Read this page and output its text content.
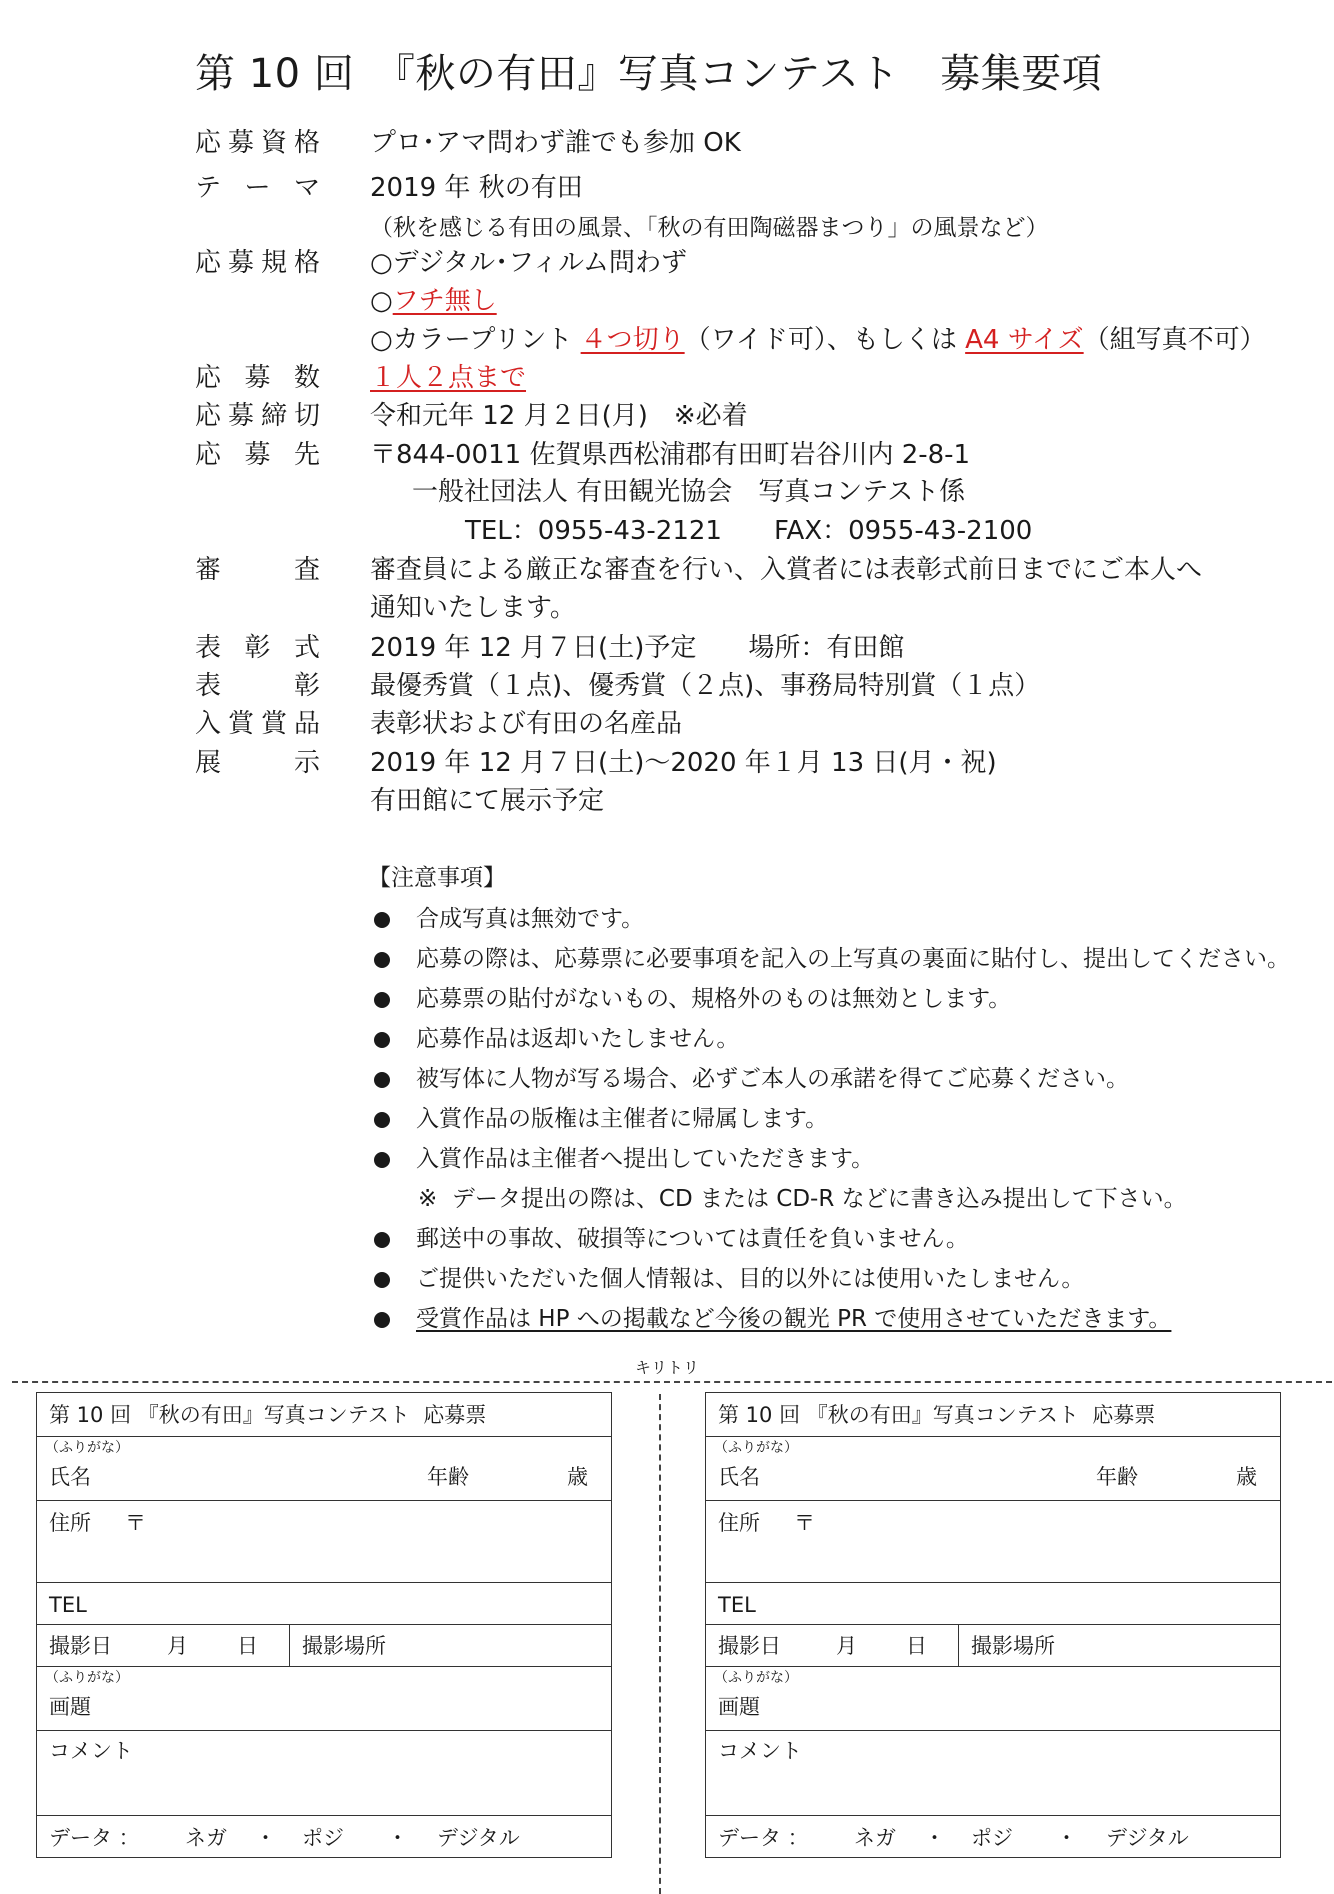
第 10 回　『秋の有田』写真コンテスト　募集要項
応募資格 プロ･アマ問わず誰でも参加 OK
テーマ 2019 年 秋の有田
（秋を感じる有田の風景、「秋の有田陶磁器まつり」の風景など）
応募規格 ○デジタル･フィルム問わず
○フチ無し
○カラープリント ４つ切り（ワイド可）、もしくは A4 サイズ（組写真不可）
応募数 １人２点まで
応募締切 令和元年 12 月２日(月)　※必着
応募先 〒844-0011 佐賀県西松浦郡有田町岩谷川内 2-8-1
一般社団法人 有田観光協会　写真コンテスト係
TEL：0955-43-2121　　FAX：0955-43-2100
審査 審査員による厳正な審査を行い、入賞者には表彰式前日までにご本人へ
通知いたします。
表彰式 2019 年 12 月７日(土)予定　　場所：有田館
表彰 最優秀賞（１点)、優秀賞（２点)、事務局特別賞（１点）
入賞賞品 表彰状および有田の名産品
展示 2019 年 12 月７日(土)～2020 年１月 13 日(月・祝)
有田館にて展示予定
【注意事項】
合成写真は無効です。
応募の際は、応募票に必要事項を記入の上写真の裏面に貼付し、提出してください。
応募票の貼付がないもの、規格外のものは無効とします。
応募作品は返却いたしません。
被写体に人物が写る場合、必ずご本人の承諾を得てご応募ください。
入賞作品の版権は主催者に帰属します。
入賞作品は主催者へ提出していただきます。
※  データ提出の際は、CD または CD-R などに書き込み提出して下さい。
郵送中の事故、破損等については責任を負いません。
ご提供いただいた個人情報は、目的以外には使用いたしません。
受賞作品は HP への掲載など今後の観光 PR で使用させていただきます。
キリトリ
第 10 回 『秋の有田』写真コンテスト  応募票
（ふりがな）
氏名	年齢	歳
住所 〒
TEL
撮影日	月 日 撮影場所
（ふりがな）
画題
コメント
データ ： ネガ ・ ポジ ・ デジタル
第 10 回 『秋の有田』写真コンテスト  応募票
（ふりがな）
氏名	年齢	歳
住所 〒
TEL
撮影日	月 日 撮影場所
（ふりがな）
画題
コメント
データ ： ネガ ・ ポジ ・ デジタル
